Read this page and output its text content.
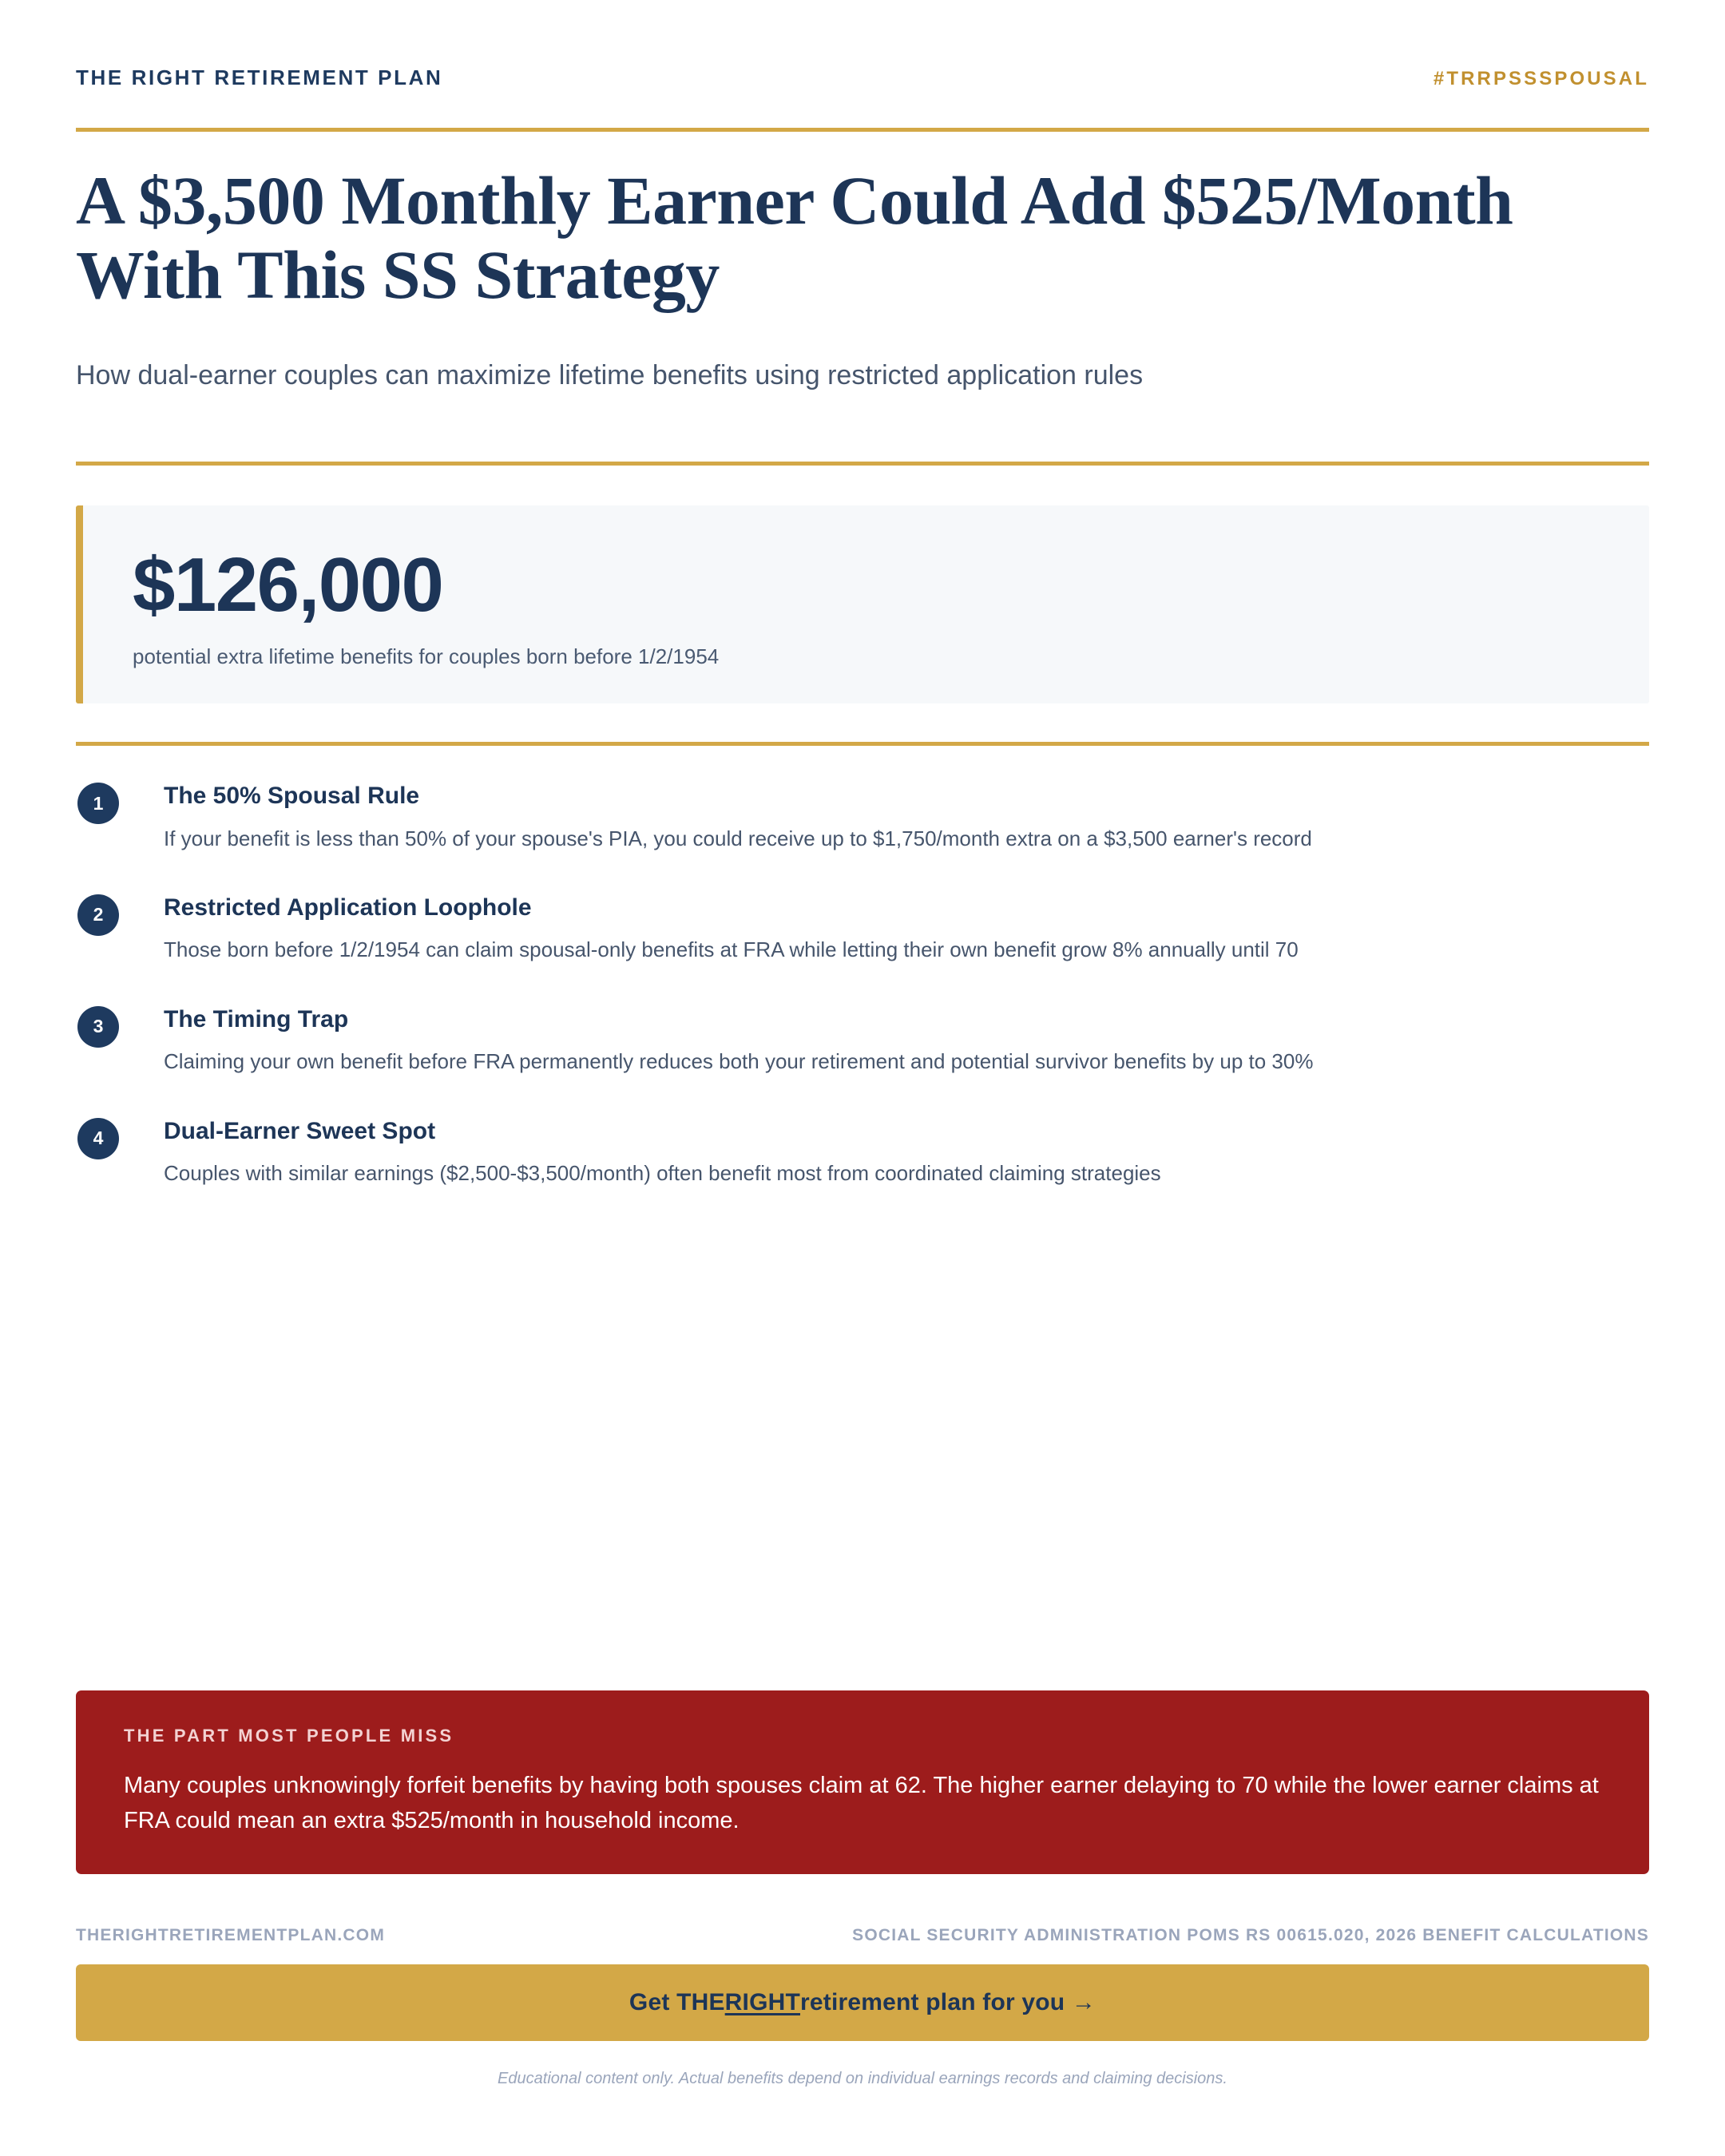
THE RIGHT RETIREMENT PLAN	#TRRPSSSPOUSAL
A $3,500 Monthly Earner Could Add $525/Month With This SS Strategy

How dual-earner couples can maximize lifetime benefits using restricted application rules

$126,000
potential extra lifetime benefits for couples born before 1/2/1954
1	The 50% Spousal Rule
If your benefit is less than 50% of your spouse's PIA, you could receive up to $1,750/month extra on a $3,500 earner's record
2	Restricted Application Loophole
Those born before 1/2/1954 can claim spousal-only benefits at FRA while letting their own benefit grow 8% annually until 70
3	The Timing Trap
Claiming your own benefit before FRA permanently reduces both your retirement and potential survivor benefits by up to 30%
4	Dual-Earner Sweet Spot
Couples with similar earnings ($2,500-$3,500/month) often benefit most from coordinated claiming strategies
THE PART MOST PEOPLE MISS
Many couples unknowingly forfeit benefits by having both spouses claim at 62. The higher earner delaying to 70 while the lower earner claims at FRA could mean an extra $525/month in household income.
THERIGHTRETIREMENTPLAN.COM	SOCIAL SECURITY ADMINISTRATION POMS RS 00615.020, 2026 BENEFIT CALCULATIONS
Get THE RIGHT retirement plan for you →
Educational content only. Actual benefits depend on individual earnings records and claiming decisions.
